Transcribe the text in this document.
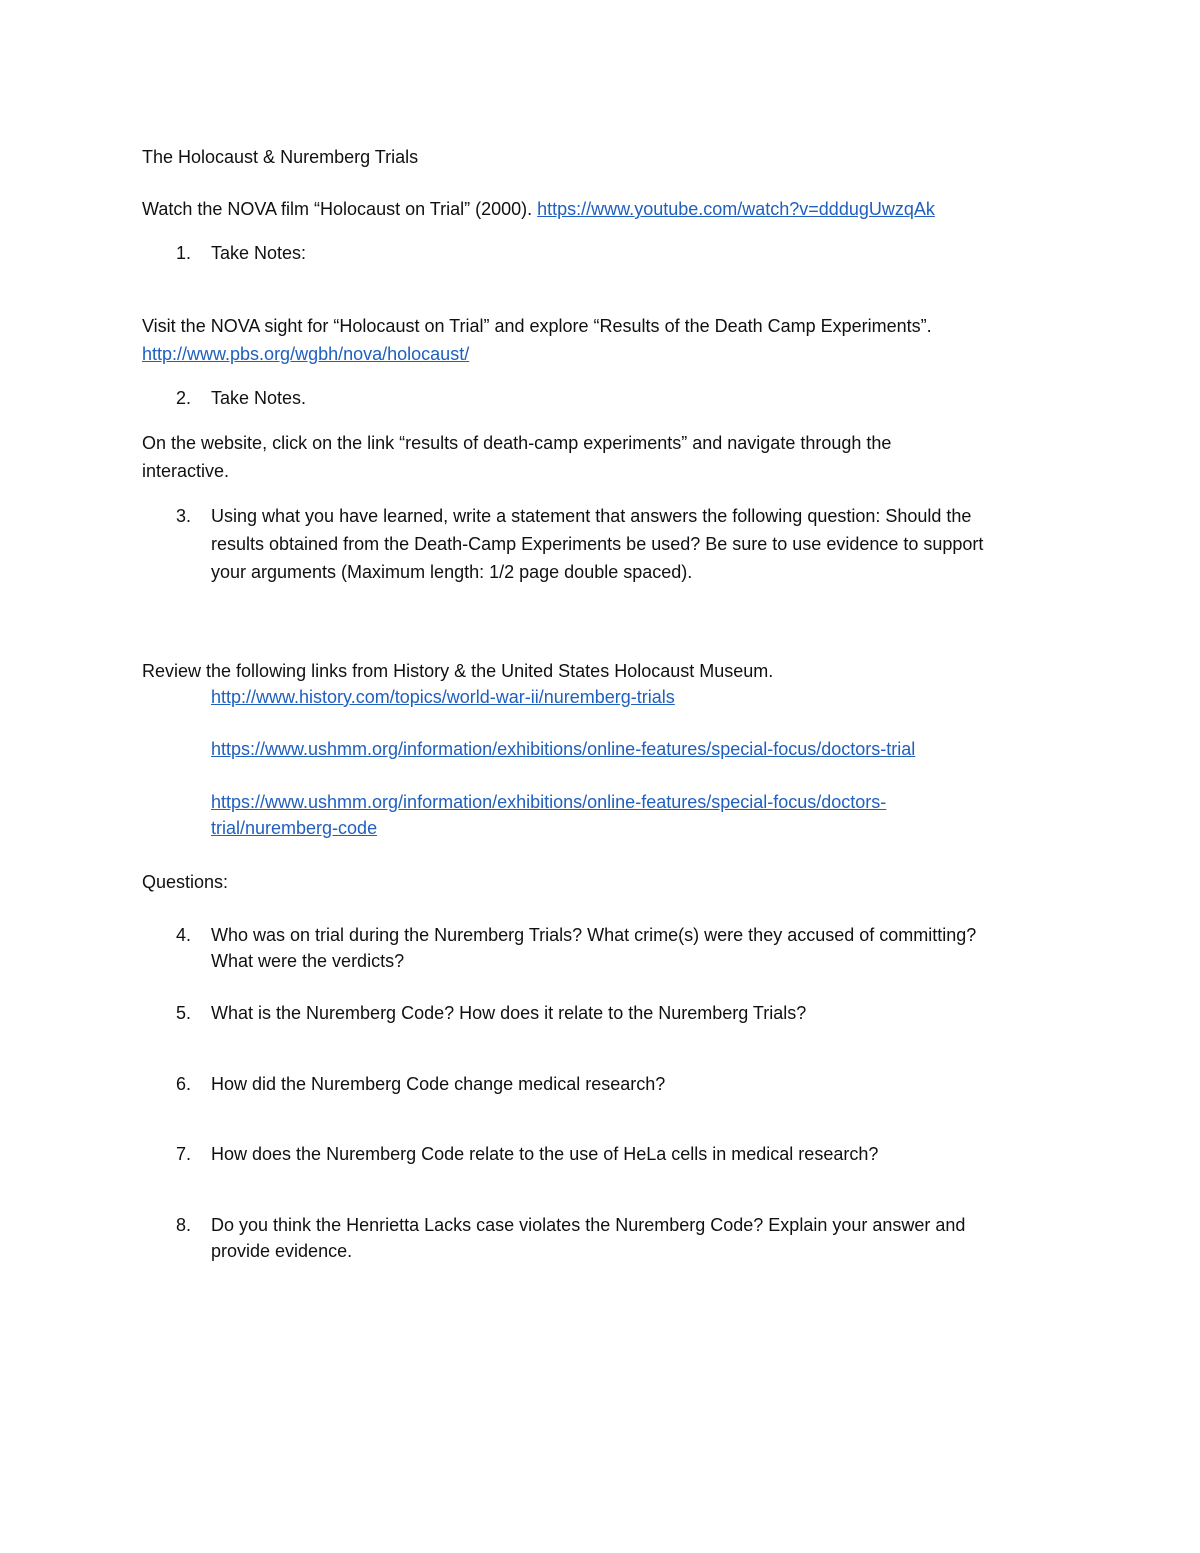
The Holocaust & Nuremberg Trials
Watch the NOVA film “Holocaust on Trial” (2000). https://www.youtube.com/watch?v=dddugUwzqAk
1. Take Notes:
Visit the NOVA sight for “Holocaust on Trial” and explore “Results of the Death Camp Experiments”.
http://www.pbs.org/wgbh/nova/holocaust/
2. Take Notes.
On the website, click on the link “results of death-camp experiments” and navigate through the
interactive.
3. Using what you have learned, write a statement that answers the following question: Should the
results obtained from the Death-Camp Experiments be used? Be sure to use evidence to support
your arguments (Maximum length: 1/2 page double spaced).
Review the following links from History & the United States Holocaust Museum.
http://www.history.com/topics/world-war-ii/nuremberg-trials
https://www.ushmm.org/information/exhibitions/online-features/special-focus/doctors-trial
https://www.ushmm.org/information/exhibitions/online-features/special-focus/doctors-
trial/nuremberg-code
Questions:
4. Who was on trial during the Nuremberg Trials? What crime(s) were they accused of committing?
What were the verdicts?
5. What is the Nuremberg Code? How does it relate to the Nuremberg Trials?
6. How did the Nuremberg Code change medical research?
7. How does the Nuremberg Code relate to the use of HeLa cells in medical research?
8. Do you think the Henrietta Lacks case violates the Nuremberg Code? Explain your answer and
provide evidence.
